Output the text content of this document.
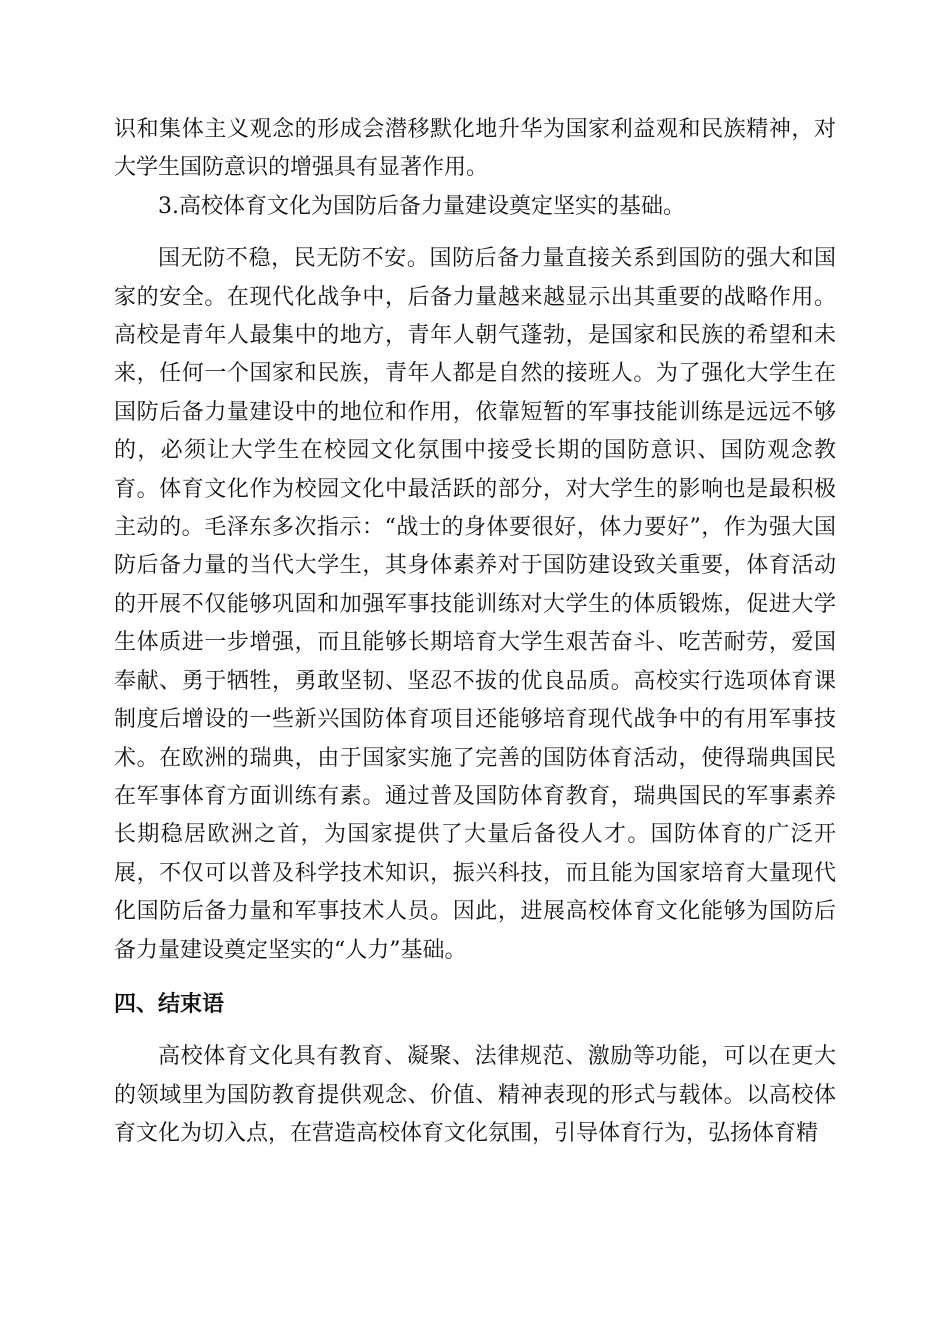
识和集体主义观念的形成会潜移默化地升华为国家利益观和民族精神，对大学生国防意识的增强具有显著作用。

3.高校体育文化为国防后备力量建设奠定坚实的基础。

国无防不稳，民无防不安。国防后备力量直接关系到国防的强大和国家的安全。在现代化战争中，后备力量越来越显示出其重要的战略作用。高校是青年人最集中的地方，青年人朝气蓬勃，是国家和民族的希望和未来，任何一个国家和民族，青年人都是自然的接班人。为了强化大学生在国防后备力量建设中的地位和作用，依靠短暂的军事技能训练是远远不够的，必须让大学生在校园文化氛围中接受长期的国防意识、国防观念教育。体育文化作为校园文化中最活跃的部分，对大学生的影响也是最积极主动的。毛泽东多次指示：“战士的身体要很好，体力要好”，作为强大国防后备力量的当代大学生，其身体素养对于国防建设致关重要，体育活动的开展不仅能够巩固和加强军事技能训练对大学生的体质锻炼，促进大学生体质进一步增强，而且能够长期培育大学生艰苦奋斗、吃苦耐劳，爱国奉献、勇于牺牲，勇敢坚韧、坚忍不拔的优良品质。高校实行选项体育课制度后增设的一些新兴国防体育项目还能够培育现代战争中的有用军事技术。在欧洲的瑞典，由于国家实施了完善的国防体育活动，使得瑞典国民在军事体育方面训练有素。通过普及国防体育教育，瑞典国民的军事素养长期稳居欧洲之首，为国家提供了大量后备役人才。国防体育的广泛开展，不仅可以普及科学技术知识，振兴科技，而且能为国家培育大量现代化国防后备力量和军事技术人员。因此，进展高校体育文化能够为国防后备力量建设奠定坚实的“人力”基础。

四、结束语

高校体育文化具有教育、凝聚、法律规范、激励等功能，可以在更大的领域里为国防教育提供观念、价值、精神表现的形式与载体。以高校体育文化为切入点，在营造高校体育文化氛围，引导体育行为，弘扬体育精
